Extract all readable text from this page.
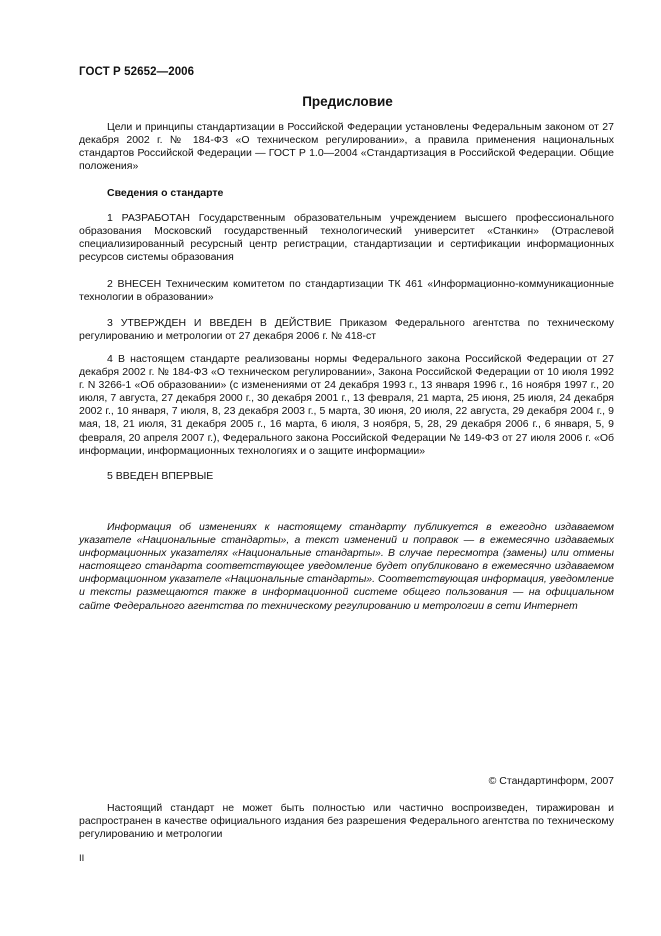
ГОСТ Р 52652—2006
Предисловие

Цели и принципы стандартизации в Российской Федерации установлены Федеральным законом от 27 декабря 2002 г. № 184-ФЗ «О техническом регулировании», а правила применения национальных стандартов Российской Федерации — ГОСТ Р 1.0—2004 «Стандартизация в Российской Федерации. Общие положения»

Сведения о стандарте

1 РАЗРАБОТАН Государственным образовательным учреждением высшего профессионального образования Московский государственный технологический университет «Станкин» (Отраслевой специализированный ресурсный центр регистрации, стандартизации и сертификации информационных ресурсов системы образования

2 ВНЕСЕН Техническим комитетом по стандартизации ТК 461 «Информационно-коммуникационные технологии в образовании»

3 УТВЕРЖДЕН И ВВЕДЕН В ДЕЙСТВИЕ Приказом Федерального агентства по техническому регулированию и метрологии от 27 декабря 2006 г. № 418-ст

4 В настоящем стандарте реализованы нормы Федерального закона Российской Федерации от 27 декабря 2002 г. № 184-ФЗ «О техническом регулировании», Закона Российской Федерации от 10 июля 1992 г. N 3266-1 «Об образовании» (с изменениями от 24 декабря 1993 г., 13 января 1996 г., 16 ноября 1997 г., 20 июля, 7 августа, 27 декабря 2000 г., 30 декабря 2001 г., 13 февраля, 21 марта, 25 июня, 25 июля, 24 декабря 2002 г., 10 января, 7 июля, 8, 23 декабря 2003 г., 5 марта, 30 июня, 20 июля, 22 августа, 29 декабря 2004 г., 9 мая, 18, 21 июля, 31 декабря 2005 г., 16 марта, 6 июля, 3 ноября, 5, 28, 29 декабря 2006 г., 6 января, 5, 9 февраля, 20 апреля 2007 г.), Федерального закона Российской Федерации № 149-ФЗ от 27 июля 2006 г. «Об информации, информационных технологиях и о защите информации»

5 ВВЕДЕН ВПЕРВЫЕ

Информация об изменениях к настоящему стандарту публикуется в ежегодно издаваемом указателе «Национальные стандарты», а текст изменений и поправок — в ежемесячно издаваемых информационных указателях «Национальные стандарты». В случае пересмотра (замены) или отмены настоящего стандарта соответствующее уведомление будет опубликовано в ежемесячно издаваемом информационном указателе «Национальные стандарты». Соответствующая информация, уведомление и тексты размещаются также в информационной системе общего пользования — на официальном сайте Федерального агентства по техническому регулированию и метрологии в сети Интернет

© Стандартинформ, 2007

Настоящий стандарт не может быть полностью или частично воспроизведен, тиражирован и распространен в качестве официального издания без разрешения Федерального агентства по техническому регулированию и метрологии

II
